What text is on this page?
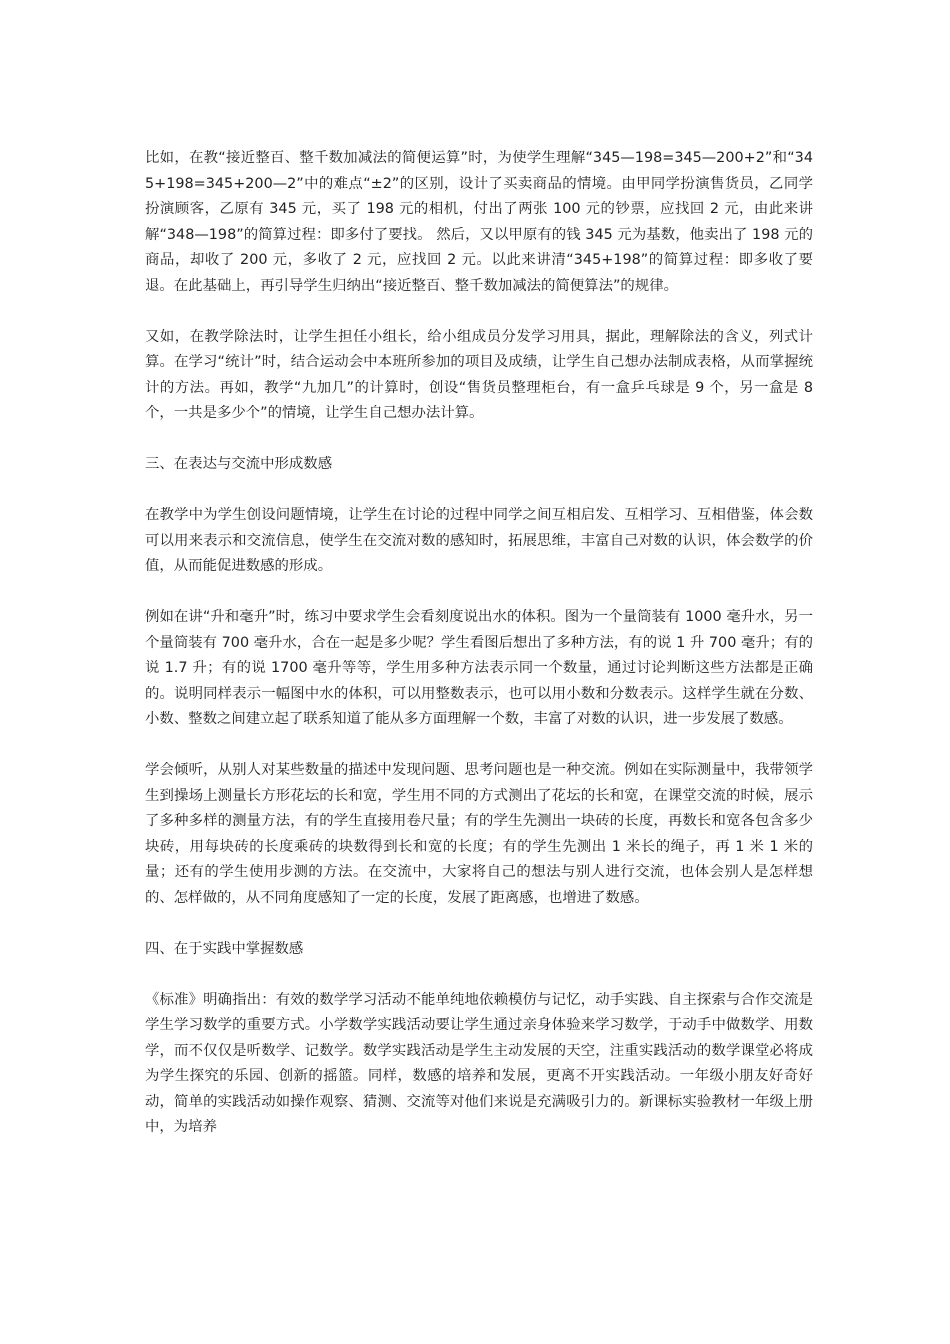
比如，在教“接近整百、整千数加减法的简便运算”时，为使学生理解“345—198=345—200+2”和“345+198=345+200—2”中的难点“±2”的区别，设计了买卖商品的情境。由甲同学扮演售货员，乙同学扮演顾客，乙原有 345 元，买了 198 元的相机，付出了两张 100 元的钞票，应找回 2 元，由此来讲解“348—198”的简算过程：即多付了要找。 然后，又以甲原有的钱 345 元为基数，他卖出了 198 元的商品，却收了 200 元，多收了 2 元，应找回 2 元。以此来讲清“345+198”的简算过程：即多收了要退。在此基础上，再引导学生归纳出“接近整百、整千数加减法的简便算法”的规律。

又如，在教学除法时，让学生担任小组长，给小组成员分发学习用具，据此，理解除法的含义，列式计算。在学习“统计”时，结合运动会中本班所参加的项目及成绩，让学生自己想办法制成表格，从而掌握统计的方法。再如，教学“九加几”的计算时，创设“售货员整理柜台，有一盒乒乓球是 9 个，另一盒是 8 个，一共是多少个”的情境，让学生自己想办法计算。

三、在表达与交流中形成数感

在教学中为学生创设问题情境，让学生在讨论的过程中同学之间互相启发、互相学习、互相借鉴，体会数可以用来表示和交流信息，使学生在交流对数的感知时，拓展思维，丰富自己对数的认识，体会数学的价值，从而能促进数感的形成。

例如在讲“升和毫升”时，练习中要求学生会看刻度说出水的体积。图为一个量筒装有 1000 毫升水，另一个量筒装有 700 毫升水，合在一起是多少呢？学生看图后想出了多种方法，有的说 1 升 700 毫升；有的说 1.7 升；有的说 1700 毫升等等，学生用多种方法表示同一个数量，通过讨论判断这些方法都是正确的。说明同样表示一幅图中水的体积，可以用整数表示，也可以用小数和分数表示。这样学生就在分数、小数、整数之间建立起了联系知道了能从多方面理解一个数，丰富了对数的认识，进一步发展了数感。

学会倾听，从别人对某些数量的描述中发现问题、思考问题也是一种交流。例如在实际测量中，我带领学生到操场上测量长方形花坛的长和宽，学生用不同的方式测出了花坛的长和宽，在课堂交流的时候，展示了多种多样的测量方法，有的学生直接用卷尺量；有的学生先测出一块砖的长度，再数长和宽各包含多少块砖，用每块砖的长度乘砖的块数得到长和宽的长度；有的学生先测出 1 米长的绳子，再 1 米 1 米的量；还有的学生使用步测的方法。在交流中，大家将自己的想法与别人进行交流，也体会别人是怎样想的、怎样做的，从不同角度感知了一定的长度，发展了距离感，也增进了数感。

四、在于实践中掌握数感

《标准》明确指出：有效的数学学习活动不能单纯地依赖模仿与记忆，动手实践、自主探索与合作交流是学生学习数学的重要方式。小学数学实践活动要让学生通过亲身体验来学习数学，于动手中做数学、用数学，而不仅仅是听数学、记数学。数学实践活动是学生主动发展的天空，注重实践活动的数学课堂必将成为学生探究的乐园、创新的摇篮。同样，数感的培养和发展，更离不开实践活动。一年级小朋友好奇好动，简单的实践活动如操作观察、猜测、交流等对他们来说是充满吸引力的。新课标实验教材一年级上册中，为培养
